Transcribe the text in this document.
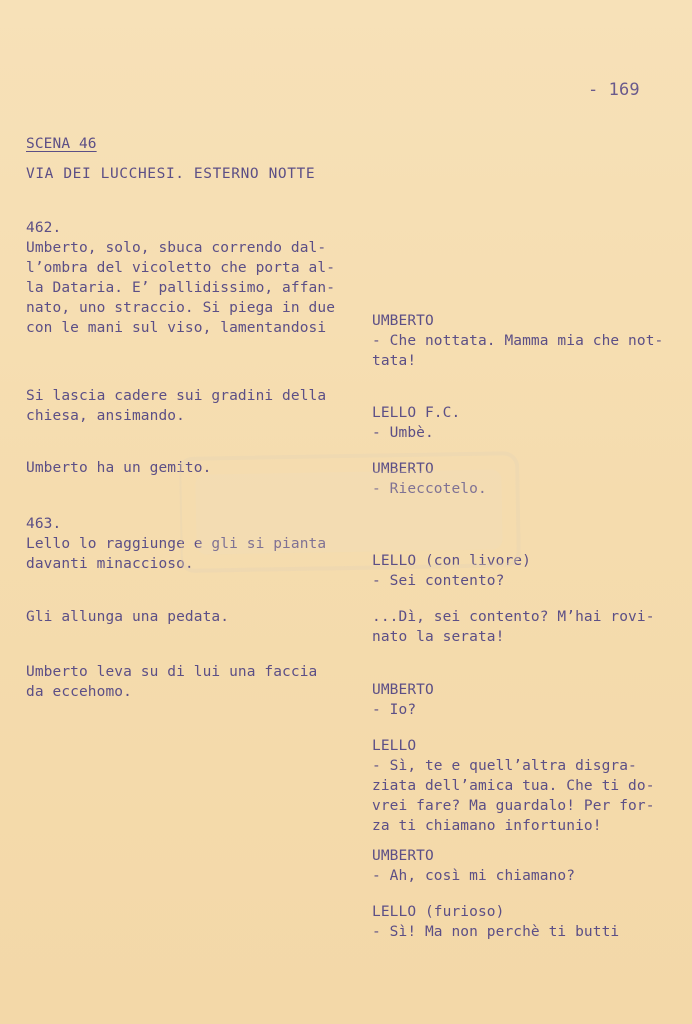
- 169
SCENA 46
VIA DEI LUCCHESI. ESTERNO NOTTE
462.
Umberto, solo, sbuca correndo dal-
l’ombra del vicoletto che porta al-
la Dataria. E’ pallidissimo, affan-
nato, uno straccio. Si piega in due
con le mani sul viso, lamentandosi
Si lascia cadere sui gradini della
chiesa, ansimando.
Umberto ha un gemito.
463.
Lello lo raggiunge e gli si pianta
davanti minaccioso.
Gli allunga una pedata.
Umberto leva su di lui una faccia
da eccehomo.
UMBERTO
- Che nottata. Mamma mia che not-
tata!
LELLO F.C.
- Umbè.
UMBERTO
- Rieccotelo.
LELLO (con livore)
- Sei contento?
...Dì, sei contento? M’hai rovi-
nato la serata!
UMBERTO
- Io?
LELLO
- Sì, te e quell’altra disgra-
ziata dell’amica tua. Che ti do-
vrei fare? Ma guardalo! Per for-
za ti chiamano infortunio!
UMBERTO
- Ah, così mi chiamano?
LELLO (furioso)
- Sì! Ma non perchè ti butti
